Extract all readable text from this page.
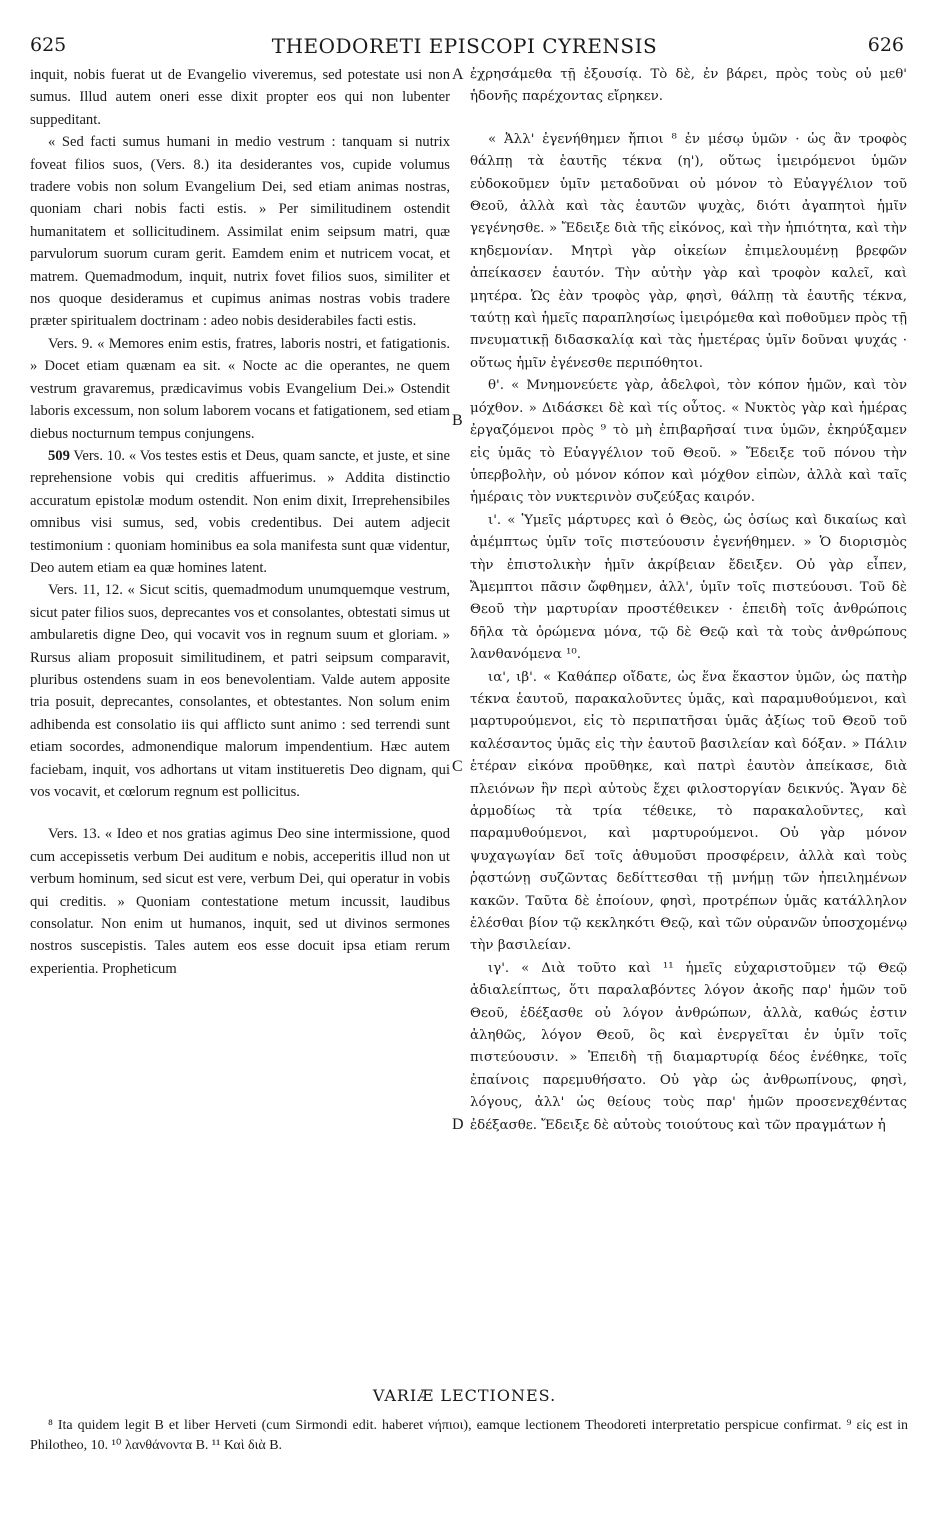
625	THEODORETI EPISCOPI CYRENSIS	626

inquit, nobis fuerat ut de Evangelio viveremus, sed potestate usi non sumus. Illud autem oneri esse dixit propter eos qui non lubenter suppeditant.

« Sed facti sumus humani in medio vestrum : tanquam si nutrix foveat filios suos, (Vers. 8.) ita desiderantes vos, cupide volumus tradere vobis non solum Evangelium Dei, sed etiam animas nostras, quoniam chari nobis facti estis. » Per similitudinem ostendit humanitatem et sollicitudinem. Assimilat enim seipsum matri, quæ parvulorum suorum curam gerit. Eamdem enim et nutricem vocat, et matrem. Quemadmodum, inquit, nutrix fovet filios suos, similiter et nos quoque desideramus et cupimus animas nostras vobis tradere præter spiritualem doctrinam : adeo nobis desiderabiles facti estis.

Vers. 9. « Memores enim estis, fratres, laboris nostri, et fatigationis. » Docet etiam quænam ea sit. « Nocte ac die operantes, ne quem vestrum gravaremus, prædicavimus vobis Evangelium Dei.» Ostendit laboris excessum, non solum laborem vocans et fatigationem, sed etiam diebus nocturnum tempus conjungens.

509 Vers. 10. « Vos testes estis et Deus, quam sancte, et juste, et sine reprehensione vobis qui creditis affuerimus. » Addita distinctio accuratum epistolæ modum ostendit. Non enim dixit, Irreprehensibiles omnibus visi sumus, sed, vobis credentibus. Dei autem adjecit testimonium : quoniam hominibus ea sola manifesta sunt quæ videntur, Deo autem etiam ea quæ homines latent.

Vers. 11, 12. « Sicut scitis, quemadmodum unumquemque vestrum, sicut pater filios suos, deprecantes vos et consolantes, obtestati simus ut ambularetis digne Deo, qui vocavit vos in regnum suum et gloriam. » Rursus aliam proposuit similitudinem, et patri seipsum comparavit, pluribus ostendens suam in eos benevolentiam. Valde autem apposite tria posuit, deprecantes, consolantes, et obtestantes. Non solum enim adhibenda est consolatio iis qui afflicto sunt animo : sed terrendi sunt etiam socordes, admonendique malorum impendentium. Hæc autem faciebam, inquit, vos adhortans ut vitam institueretis Deo dignam, qui vos vocavit, et cœlorum regnum est pollicitus.

Vers. 13. « Ideo et nos gratias agimus Deo sine intermissione, quod cum accepissetis verbum Dei auditum e nobis, acceperitis illud non ut verbum hominum, sed sicut est vere, verbum Dei, qui operatur in vobis qui creditis. » Quoniam contestatione metum incussit, laudibus consolatur. Non enim ut humanos, inquit, sed ut divinos sermones nostros suscepistis. Tales autem eos esse docuit ipsa etiam rerum experientia. Propheticum

A
B
C
D

ἐχρησάμεθα τῇ ἐξουσίᾳ. Τὸ δὲ, ἐν βάρει, πρὸς τοὺς οὐ μεθ' ἡδονῆς παρέχοντας εἴρηκεν.

« Ἀλλ' ἐγενήθημεν ἤπιοι ⁸ ἐν μέσῳ ὑμῶν · ὡς ἂν τροφὸς θάλπῃ τὰ ἑαυτῆς τέκνα (η'), οὕτως ἱμειρόμενοι ὑμῶν εὐδοκοῦμεν ὑμῖν μεταδοῦναι οὐ μόνον τὸ Εὐαγγέλιον τοῦ Θεοῦ, ἀλλὰ καὶ τὰς ἑαυτῶν ψυχὰς, διότι ἀγαπητοὶ ἡμῖν γεγένησθε. » Ἔδειξε διὰ τῆς εἰκόνος, καὶ τὴν ἠπιότητα, καὶ τὴν κηδεμονίαν. Μητρὶ γὰρ οἰκείων ἐπιμελουμένῃ βρεφῶν ἀπείκασεν ἑαυτόν. Τὴν αὐτὴν γὰρ καὶ τροφὸν καλεῖ, καὶ μητέρα. Ὡς ἐὰν τροφὸς γὰρ, φησὶ, θάλπῃ τὰ ἑαυτῆς τέκνα, ταύτῃ καὶ ἡμεῖς παραπλησίως ἱμειρόμεθα καὶ ποθοῦμεν πρὸς τῇ πνευματικῇ διδασκαλίᾳ καὶ τὰς ἡμετέρας ὑμῖν δοῦναι ψυχάς · οὕτως ἡμῖν ἐγένεσθε περιπόθητοι.

θ'. « Μνημονεύετε γὰρ, ἀδελφοὶ, τὸν κόπον ἡμῶν, καὶ τὸν μόχθον. » Διδάσκει δὲ καὶ τίς οὗτος. « Νυκτὸς γὰρ καὶ ἡμέρας ἐργαζόμενοι πρὸς ⁹ τὸ μὴ ἐπιβαρῆσαί τινα ὑμῶν, ἐκηρύξαμεν εἰς ὑμᾶς τὸ Εὐαγγέλιον τοῦ Θεοῦ. » Ἔδειξε τοῦ πόνου τὴν ὑπερβολὴν, οὐ μόνον κόπον καὶ μόχθον εἰπὼν, ἀλλὰ καὶ ταῖς ἡμέραις τὸν νυκτερινὸν συζεύξας καιρόν.

ι'. « Ὑμεῖς μάρτυρες καὶ ὁ Θεὸς, ὡς ὁσίως καὶ δικαίως καὶ ἀμέμπτως ὑμῖν τοῖς πιστεύουσιν ἐγενήθημεν. » Ὁ διορισμὸς τὴν ἐπιστολικὴν ἡμῖν ἀκρίβειαν ἔδειξεν. Οὐ γὰρ εἶπεν, Ἄμεμπτοι πᾶσιν ὤφθημεν, ἀλλ', ὑμῖν τοῖς πιστεύουσι. Τοῦ δὲ Θεοῦ τὴν μαρτυρίαν προστέθεικεν · ἐπειδὴ τοῖς ἀνθρώποις δῆλα τὰ ὁρώμενα μόνα, τῷ δὲ Θεῷ καὶ τὰ τοὺς ἀνθρώπους λανθανόμενα ¹⁰.

ια', ιβ'. « Καθάπερ οἴδατε, ὡς ἕνα ἕκαστον ὑμῶν, ὡς πατὴρ τέκνα ἑαυτοῦ, παρακαλοῦντες ὑμᾶς, καὶ παραμυθούμενοι, καὶ μαρτυρούμενοι, εἰς τὸ περιπατῆσαι ὑμᾶς ἀξίως τοῦ Θεοῦ τοῦ καλέσαντος ὑμᾶς εἰς τὴν ἑαυτοῦ βασιλείαν καὶ δόξαν. » Πάλιν ἑτέραν εἰκόνα προῦθηκε, καὶ πατρὶ ἑαυτὸν ἀπείκασε, διὰ πλειόνων ἣν περὶ αὐτοὺς ἔχει φιλοστοργίαν δεικνύς. Ἄγαν δὲ ἁρμοδίως τὰ τρία τέθεικε, τὸ παρακαλοῦντες, καὶ παραμυθούμενοι, καὶ μαρτυρούμενοι. Οὐ γὰρ μόνον ψυχαγωγίαν δεῖ τοῖς ἀθυμοῦσι προσφέρειν, ἀλλὰ καὶ τοὺς ῥᾳστώνῃ συζῶντας δεδίττεσθαι τῇ μνήμῃ τῶν ἠπειλημένων κακῶν. Ταῦτα δὲ ἐποίουν, φησὶ, προτρέπων ὑμᾶς κατάλληλον ἑλέσθαι βίον τῷ κεκληκότι Θεῷ, καὶ τῶν οὐρανῶν ὑποσχομένῳ τὴν βασιλείαν.

ιγ'. « Διὰ τοῦτο καὶ ¹¹ ἡμεῖς εὐχαριστοῦμεν τῷ Θεῷ ἀδιαλείπτως, ὅτι παραλαβόντες λόγον ἀκοῆς παρ' ἡμῶν τοῦ Θεοῦ, ἐδέξασθε οὐ λόγον ἀνθρώπων, ἀλλὰ, καθώς ἐστιν ἀληθῶς, λόγον Θεοῦ, ὃς καὶ ἐνεργεῖται ἐν ὑμῖν τοῖς πιστεύουσιν. » Ἐπειδὴ τῇ διαμαρτυρίᾳ δέος ἐνέθηκε, τοῖς ἐπαίνοις παρεμυθήσατο. Οὐ γὰρ ὡς ἀνθρωπίνους, φησὶ, λόγους, ἀλλ' ὡς θείους τοὺς παρ' ἡμῶν προσενεχθέντας ἐδέξασθε. Ἔδειξε δὲ αὐτοὺς τοιούτους καὶ τῶν πραγμάτων ἡ

VARIÆ LECTIONES.

⁸ Ita quidem legit B et liber Herveti (cum Sirmondi edit. haberet νήπιοι), eamque lectionem Theodoreti interpretatio perspicue confirmat. ⁹ εἰς est in Philotheo, 10. ¹⁰ λανθάνοντα B. ¹¹ Καὶ διὰ B.
